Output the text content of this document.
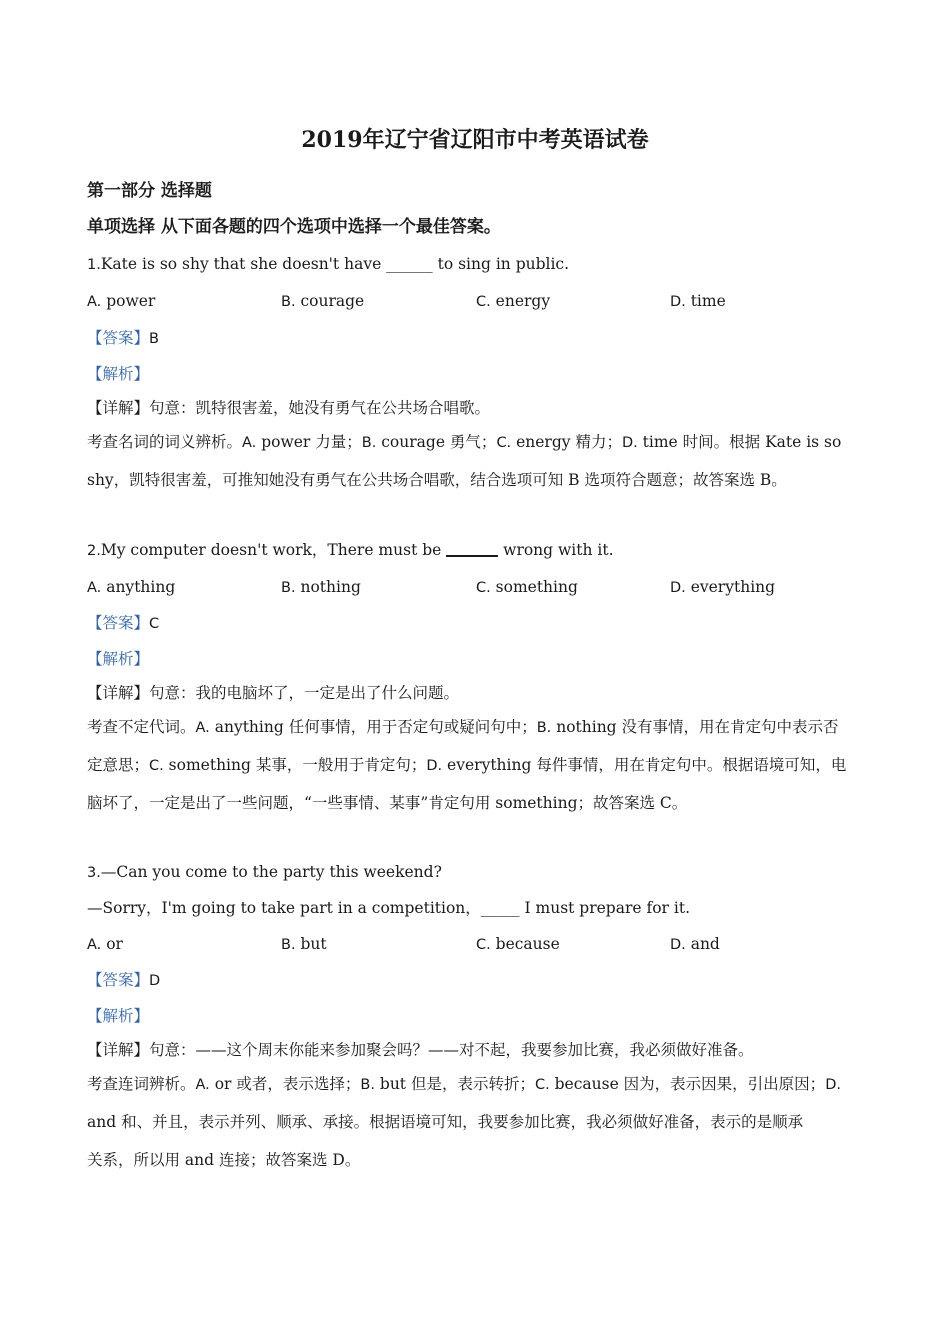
2019年辽宁省辽阳市中考英语试卷
第一部分 选择题
单项选择 从下面各题的四个选项中选择一个最佳答案。
1.Kate is so shy that she doesn't have ______ to sing in public.
A. power	B. courage	C. energy	D. time
【答案】B
【解析】
【详解】句意：凯特很害羞，她没有勇气在公共场合唱歌。
考查名词的词义辨析。A. power 力量；B. courage 勇气；C. energy 精力；D. time 时间。根据 Kate is so
shy，凯特很害羞，可推知她没有勇气在公共场合唱歌，结合选项可知 B 选项符合题意；故答案选 B。
2.My computer doesn't work，There must be	wrong with it.
A. anything	B. nothing	C. something	D. everything
【答案】C
【解析】
【详解】句意：我的电脑坏了，一定是出了什么问题。
考查不定代词。A. anything 任何事情，用于否定句或疑问句中；B. nothing 没有事情，用在肯定句中表示否
定意思；C. something 某事，一般用于肯定句；D. everything 每件事情，用在肯定句中。根据语境可知，电
脑坏了，一定是出了一些问题，“一些事情、某事”肯定句用 something；故答案选 C。
3.—Can you come to the party this weekend?
—Sorry，I'm going to take part in a competition，_____ I must prepare for it.
A. or	B. but	C. because	D. and
【答案】D
【解析】
【详解】句意：——这个周末你能来参加聚会吗？——对不起，我要参加比赛，我必须做好准备。
考查连词辨析。A. or 或者，表示选择；B. but 但是，表示转折；C. because 因为，表示因果，引出原因；D.
and 和、并且，表示并列、顺承、承接。根据语境可知，我要参加比赛，我必须做好准备，表示的是顺承
关系，所以用 and 连接；故答案选 D。
